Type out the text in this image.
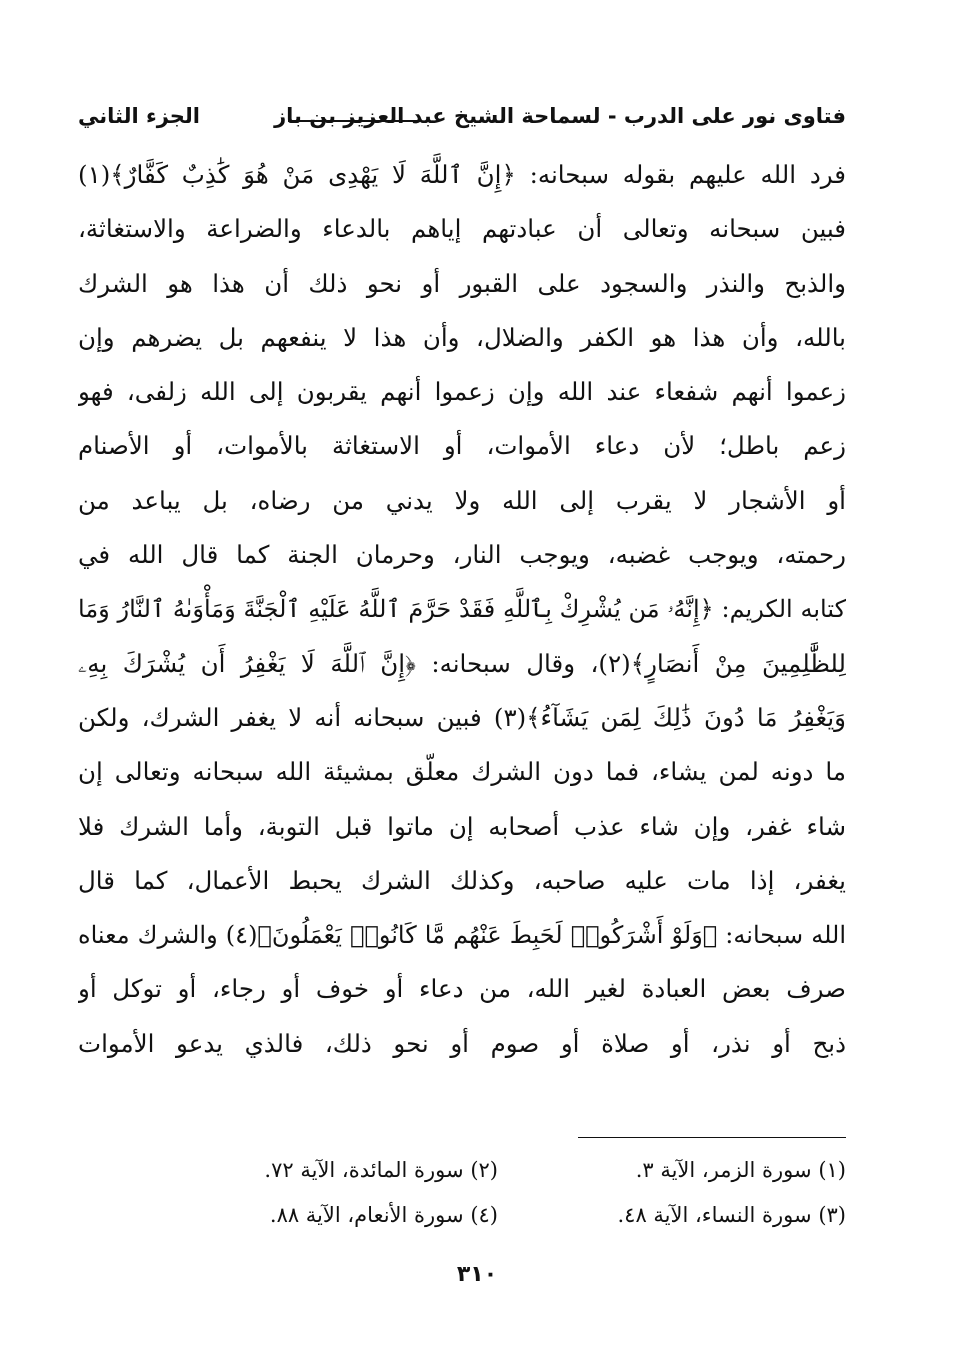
فتاوى نور على الدرب - لسماحة الشيخ عبد العزيز بن باز
الجزء الثاني
فرد الله عليهم بقوله سبحانه: ﴿إِنَّ ٱللَّهَ لَا يَهْدِى مَنْ هُوَ كَٰذِبٌ كَفَّارٌ﴾(١)
فبين سبحانه وتعالى أن عبادتهم إياهم بالدعاء والضراعة والاستغاثة،
والذبح والنذر والسجود على القبور أو نحو ذلك أن هذا هو الشرك
بالله، وأن هذا هو الكفر والضلال، وأن هذا لا ينفعهم بل يضرهم وإن
زعموا أنهم شفعاء عند الله وإن زعموا أنهم يقربون إلى الله زلفى، فهو
زعم باطل؛ لأن دعاء الأموات، أو الاستغاثة بالأموات، أو الأصنام
أو الأشجار لا يقرب إلى الله ولا يدني من رضاه، بل يباعد من
رحمته، ويوجب غضبه، ويوجب النار، وحرمان الجنة كما قال الله في
كتابه الكريم: ﴿إِنَّهُۥ مَن يُشْرِكْ بِٱللَّهِ فَقَدْ حَرَّمَ ٱللَّهُ عَلَيْهِ ٱلْجَنَّةَ وَمَأْوَىٰهُ ٱلنَّارُ وَمَا
لِلظَّٰلِمِينَ مِنْ أَنصَارٍ﴾(٢)، وقال سبحانه: ﴿إِنَّ ٱللَّهَ لَا يَغْفِرُ أَن يُشْرَكَ بِهِۦ
وَيَغْفِرُ مَا دُونَ ذَٰلِكَ لِمَن يَشَآءُ﴾(٣) فبين سبحانه أنه لا يغفر الشرك، ولكن
ما دونه لمن يشاء، فما دون الشرك معلّق بمشيئة الله سبحانه وتعالى إن
شاء غفر، وإن شاء عذب أصحابه إن ماتوا قبل التوبة، وأما الشرك فلا
يغفر، إذا مات عليه صاحبه، وكذلك الشرك يحبط الأعمال، كما قال
الله سبحانه: ﴿وَلَوْ أَشْرَكُوا۟ لَحَبِطَ عَنْهُم مَّا كَانُوا۟ يَعْمَلُونَ﴾(٤) والشرك معناه
صرف بعض العبادة لغير الله، من دعاء أو خوف أو رجاء، أو توكل أو
ذبح أو نذر، أو صلاة أو صوم أو نحو ذلك، فالذي يدعو الأموات
(١) سورة الزمر، الآية ٣.
(٢) سورة المائدة، الآية ٧٢.
(٣) سورة النساء، الآية ٤٨.
(٤) سورة الأنعام، الآية ٨٨.
٣١٠
